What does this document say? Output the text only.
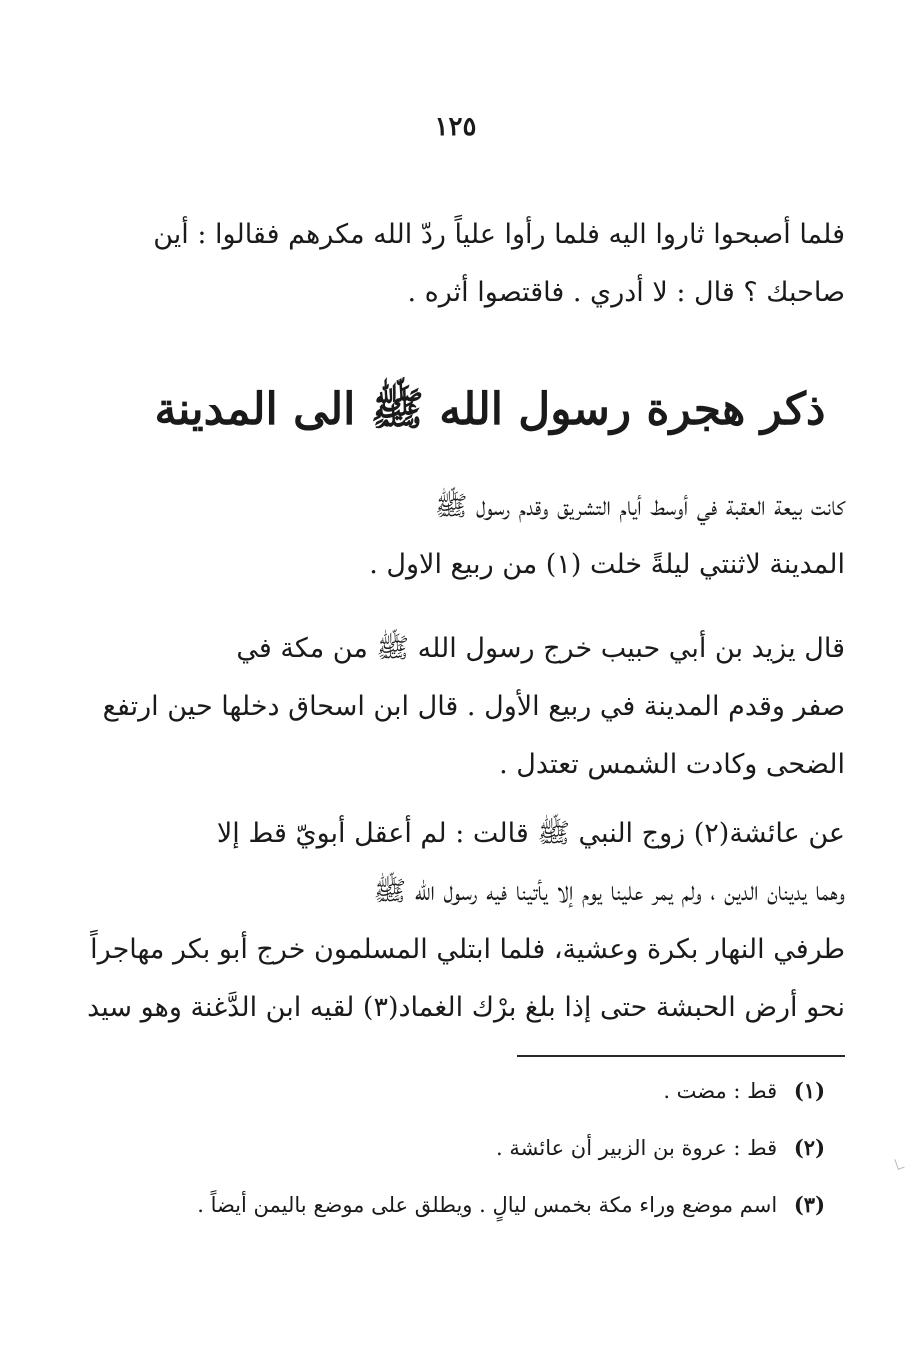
١٢٥
فلما أصبحوا ثاروا اليه فلما رأوا علياً ردّ الله مكرهم فقالوا : أين
صاحبك ؟ قال : لا أدري . فاقتصوا أثره .
ذكر هجرة رسول الله ﷺ الى المدينة
كانت بيعة العقبة في أوسط أيام التشريق وقدم رسول ﷺ
المدينة لاثنتي ليلةً خلت (١) من ربيع الاول .
قال يزيد بن أبي حبيب خرج رسول الله ﷺ من مكة في
صفر وقدم المدينة في ربيع الأول . قال ابن اسحاق دخلها حين ارتفع
الضحى وكادت الشمس تعتدل .
عن عائشة(٢) زوج النبي ﷺ قالت : لم أعقل أبويّ قط إلا
وهما يدينان الدين ، ولم يمر علينا يوم إلا يأتينا فيه رسول الله ﷺ
طرفي النهار بكرة وعشية، فلما ابتلي المسلمون خرج أبو بكر مهاجراً
نحو أرض الحبشة حتى إذا بلغ برْك الغماد(٣) لقيه ابن الدَّغنة وهو سيد
(١) قط : مضت .
(٢) قط : عروة بن الزبير أن عائشة .
(٣) اسم موضع وراء مكة بخمس ليالٍ . ويطلق على موضع باليمن أيضاً .
